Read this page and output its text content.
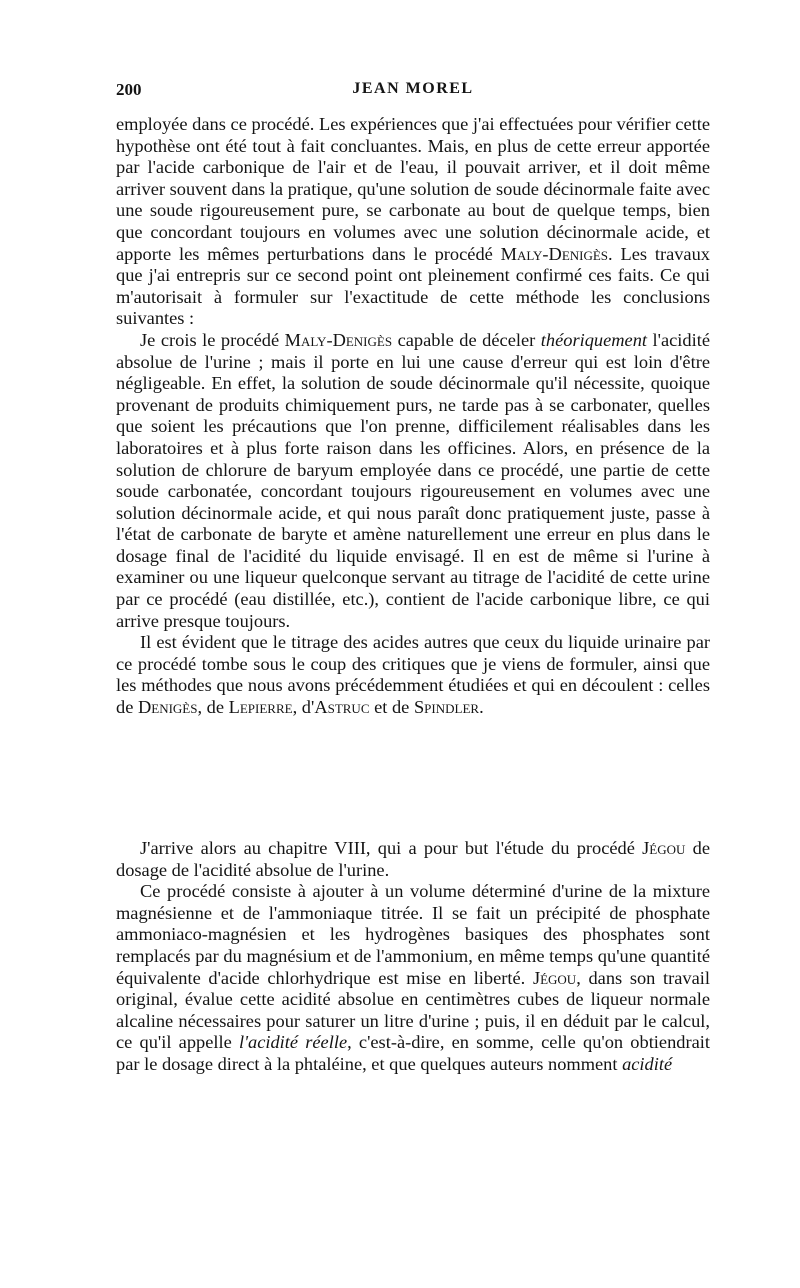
200	JEAN MOREL

employée dans ce procédé. Les expériences que j'ai effectuées pour vérifier cette hypothèse ont été tout à fait concluantes. Mais, en plus de cette erreur apportée par l'acide carbonique de l'air et de l'eau, il pouvait arriver, et il doit même arriver souvent dans la pratique, qu'une solution de soude décinormale faite avec une soude rigoureusement pure, se carbonate au bout de quelque temps, bien que concordant toujours en volumes avec une solution décinormale acide, et apporte les mêmes perturbations dans le procédé Maly-Denigès. Les travaux que j'ai entrepris sur ce second point ont pleinement confirmé ces faits. Ce qui m'autorisait à formuler sur l'exactitude de cette méthode les conclusions suivantes :

Je crois le procédé Maly-Denigès capable de déceler théoriquement l'acidité absolue de l'urine ; mais il porte en lui une cause d'erreur qui est loin d'être négligeable. En effet, la solution de soude décinormale qu'il nécessite, quoique provenant de produits chimiquement purs, ne tarde pas à se carbonater, quelles que soient les précautions que l'on prenne, difficilement réalisables dans les laboratoires et à plus forte raison dans les officines. Alors, en présence de la solution de chlorure de baryum employée dans ce procédé, une partie de cette soude carbonatée, concordant toujours rigoureusement en volumes avec une solution décinormale acide, et qui nous paraît donc pratiquement juste, passe à l'état de carbonate de baryte et amène naturellement une erreur en plus dans le dosage final de l'acidité du liquide envisagé. Il en est de même si l'urine à examiner ou une liqueur quelconque servant au titrage de l'acidité de cette urine par ce procédé (eau distillée, etc.), contient de l'acide carbonique libre, ce qui arrive presque toujours.

Il est évident que le titrage des acides autres que ceux du liquide urinaire par ce procédé tombe sous le coup des critiques que je viens de formuler, ainsi que les méthodes que nous avons précédemment étudiées et qui en découlent : celles de Denigès, de Lepierre, d'Astruc et de Spindler.

J'arrive alors au chapitre VIII, qui a pour but l'étude du procédé Jégou de dosage de l'acidité absolue de l'urine.

Ce procédé consiste à ajouter à un volume déterminé d'urine de la mixture magnésienne et de l'ammoniaque titrée. Il se fait un précipité de phosphate ammoniaco-magnésien et les hydrogènes basiques des phosphates sont remplacés par du magnésium et de l'ammonium, en même temps qu'une quantité équivalente d'acide chlorhydrique est mise en liberté. Jégou, dans son travail original, évalue cette acidité absolue en centimètres cubes de liqueur normale alcaline nécessaires pour saturer un litre d'urine ; puis, il en déduit par le calcul, ce qu'il appelle l'acidité réelle, c'est-à-dire, en somme, celle qu'on obtiendrait par le dosage direct à la phtaléine, et que quelques auteurs nomment acidité
